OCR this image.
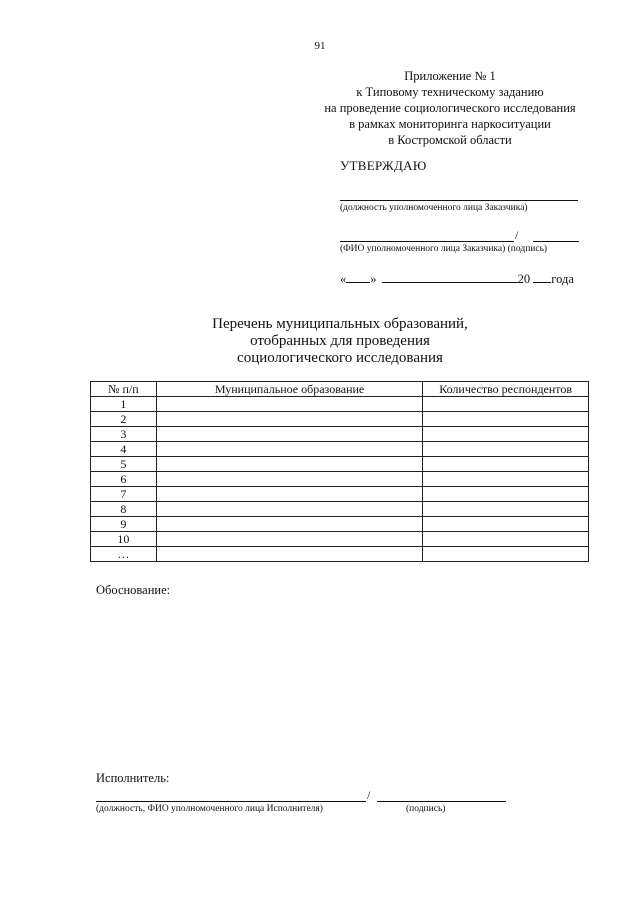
91
Приложение № 1
к Типовому техническому заданию
на проведение социологического исследования
в рамках мониторинга наркоситуации
в Костромской области
УТВЕРЖДАЮ
(должность уполномоченного лица Заказчика)
/
(ФИО уполномоченного лица Заказчика) (подпись)
« »	20 года
Перечень муниципальных образований,
отобранных для проведения
социологического исследования
№ п/п	Муниципальное образование	Количество респондентов
1		
2		
3		
4		
5		
6		
7		
8		
9		
10		
…		
Обоснование:
Исполнитель:
/
(должность, ФИО уполномоченного лица Исполнителя)	(подпись)
